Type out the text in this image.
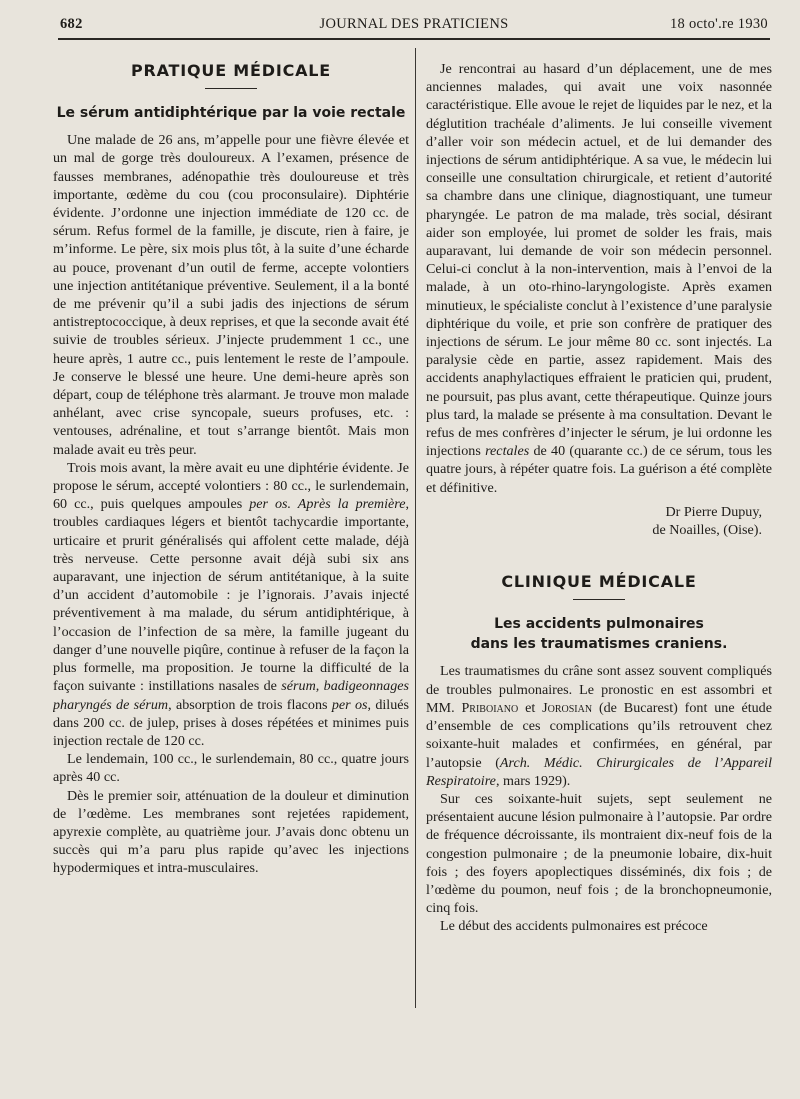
682	JOURNAL DES PRATICIENS	18 octo'.re 1930
PRATIQUE MÉDICALE
Le sérum antidiphtérique par la voie rectale

Une malade de 26 ans, m’appelle pour une fièvre élevée et un mal de gorge très douloureux. A l’examen, présence de fausses membranes, adénopathie très douloureuse et très importante, œdème du cou (cou proconsulaire). Diphtérie évidente. J’ordonne une injection immédiate de 120 cc. de sérum. Refus formel de la famille, je discute, rien à faire, je m’informe. Le père, six mois plus tôt, à la suite d’une écharde au pouce, provenant d’un outil de ferme, accepte volontiers une injection antitétanique préventive. Seulement, il a la bonté de me prévenir qu’il a subi jadis des injections de sérum antistreptococcique, à deux reprises, et que la seconde avait été suivie de troubles sérieux. J’injecte prudemment 1 cc., une heure après, 1 autre cc., puis lentement le reste de l’ampoule. Je conserve le blessé une heure. Une demi-heure après son départ, coup de téléphone très alarmant. Je trouve mon malade anhélant, avec crise syncopale, sueurs profuses, etc. : ventouses, adrénaline, et tout s’arrange bientôt. Mais mon malade avait eu très peur.

Trois mois avant, la mère avait eu une diphtérie évidente. Je propose le sérum, accepté volontiers : 80 cc., le surlendemain, 60 cc., puis quelques ampoules per os. Après la première, troubles cardiaques légers et bientôt tachycardie importante, urticaire et prurit généralisés qui affolent cette malade, déjà très nerveuse. Cette personne avait déjà subi six ans auparavant, une injection de sérum antitétanique, à la suite d’un accident d’automobile : je l’ignorais. J’avais injecté préventivement à ma malade, du sérum antidiphtérique, à l’occasion de l’infection de sa mère, la famille jugeant du danger d’une nouvelle piqûre, continue à refuser de la façon la plus formelle, ma proposition. Je tourne la difficulté de la façon suivante : instillations nasales de sérum, badigeonnages pharyngés de sérum, absorption de trois flacons per os, dilués dans 200 cc. de julep, prises à doses répétées et minimes puis injection rectale de 120 cc.

Le lendemain, 100 cc., le surlendemain, 80 cc., quatre jours après 40 cc.

Dès le premier soir, atténuation de la douleur et diminution de l’œdème. Les membranes sont rejetées rapidement, apyrexie complète, au quatrième jour. J’avais donc obtenu un succès qui m’a paru plus rapide qu’avec les injections hypodermiques et intra-musculaires.

Je rencontrai au hasard d’un déplacement, une de mes anciennes malades, qui avait une voix nasonnée caractéristique. Elle avoue le rejet de liquides par le nez, et la déglutition trachéale d’aliments. Je lui conseille vivement d’aller voir son médecin actuel, et de lui demander des injections de sérum antidiphtérique. A sa vue, le médecin lui conseille une consultation chirurgicale, et retient d’autorité sa chambre dans une clinique, diagnostiquant, une tumeur pharyngée. Le patron de ma malade, très social, désirant aider son employée, lui promet de solder les frais, mais auparavant, lui demande de voir son médecin personnel. Celui-ci conclut à la non-intervention, mais à l’envoi de la malade, à un oto-rhino-laryngologiste. Après examen minutieux, le spécialiste conclut à l’existence d’une paralysie diphtérique du voile, et prie son confrère de pratiquer des injections de sérum. Le jour même 80 cc. sont injectés. La paralysie cède en partie, assez rapidement. Mais des accidents anaphylactiques effraient le praticien qui, prudent, ne poursuit, pas plus avant, cette thérapeutique. Quinze jours plus tard, la malade se présente à ma consultation. Devant le refus de mes confrères d’injecter le sérum, je lui ordonne les injections rectales de 40 (quarante cc.) de ce sérum, tous les quatre jours, à répéter quatre fois. La guérison a été complète et définitive.

Dr Pierre Dupuy,
de Noailles, (Oise).
CLINIQUE MÉDICALE
Les accidents pulmonaires
dans les traumatismes craniens.

Les traumatismes du crâne sont assez souvent compliqués de troubles pulmonaires. Le pronostic en est assombri et MM. Priboiano et Jorosian (de Bucarest) font une étude d’ensemble de ces complications qu’ils retrouvent chez soixante-huit malades et confirmées, en général, par l’autopsie (Arch. Médic. Chirurgicales de l’Appareil Respiratoire, mars 1929).

Sur ces soixante-huit sujets, sept seulement ne présentaient aucune lésion pulmonaire à l’autopsie. Par ordre de fréquence décroissante, ils montraient dix-neuf fois de la congestion pulmonaire ; de la pneumonie lobaire, dix-huit fois ; des foyers apoplectiques disséminés, dix fois ; de l’œdème du poumon, neuf fois ; de la bronchopneumonie, cinq fois.

Le début des accidents pulmonaires est précoce
